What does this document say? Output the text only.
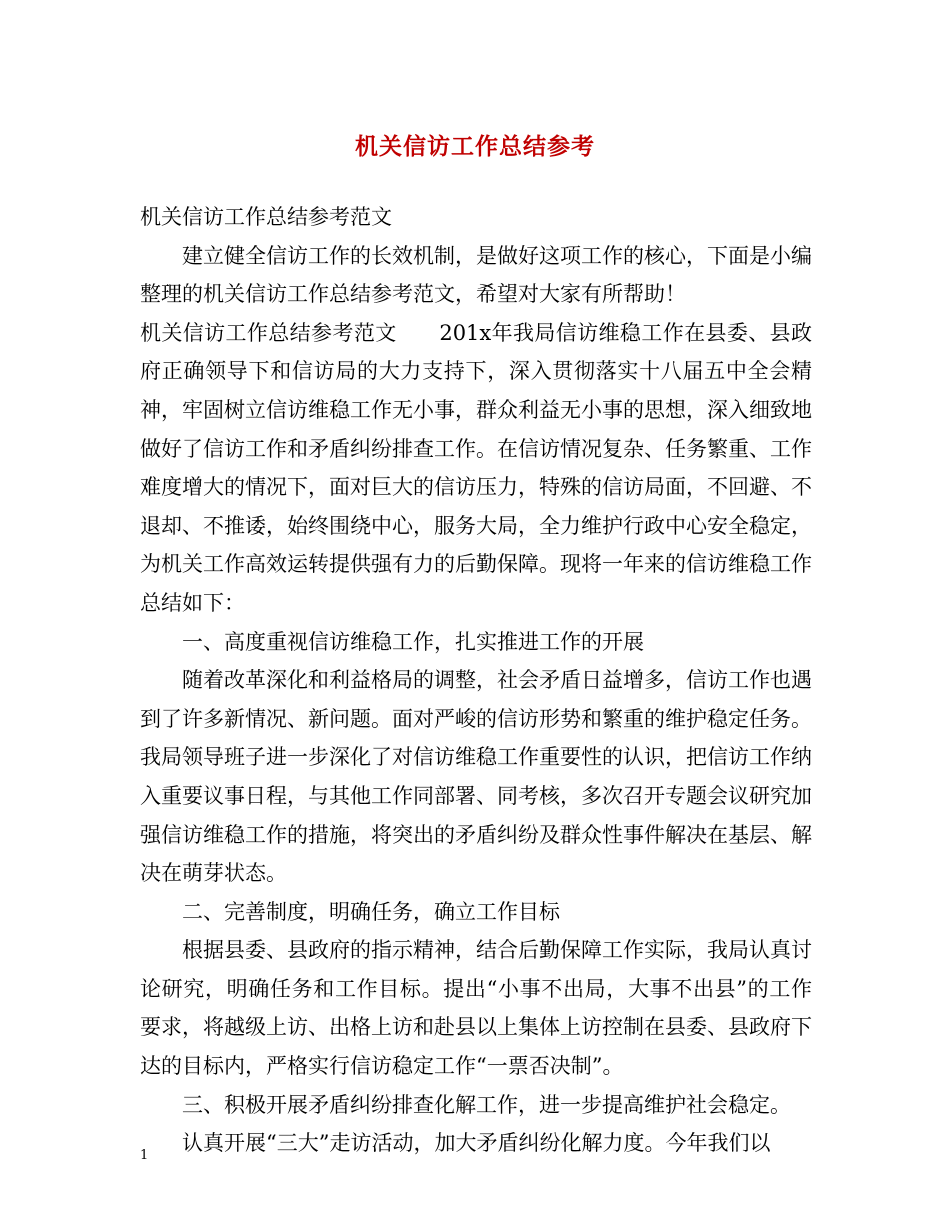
机关信访工作总结参考

机关信访工作总结参考范文

建立健全信访工作的长效机制，是做好这项工作的核心，下面是小编整理的机关信访工作总结参考范文，希望对大家有所帮助！

机关信访工作总结参考范文　　201x年我局信访维稳工作在县委、县政府正确领导下和信访局的大力支持下，深入贯彻落实十八届五中全会精神，牢固树立信访维稳工作无小事，群众利益无小事的思想，深入细致地做好了信访工作和矛盾纠纷排查工作。在信访情况复杂、任务繁重、工作难度增大的情况下，面对巨大的信访压力，特殊的信访局面，不回避、不退却、不推诿，始终围绕中心，服务大局，全力维护行政中心安全稳定，为机关工作高效运转提供强有力的后勤保障。现将一年来的信访维稳工作总结如下：

一、高度重视信访维稳工作，扎实推进工作的开展

随着改革深化和利益格局的调整，社会矛盾日益增多，信访工作也遇到了许多新情况、新问题。面对严峻的信访形势和繁重的维护稳定任务。我局领导班子进一步深化了对信访维稳工作重要性的认识，把信访工作纳入重要议事日程，与其他工作同部署、同考核，多次召开专题会议研究加强信访维稳工作的措施，将突出的矛盾纠纷及群众性事件解决在基层、解决在萌芽状态。

二、完善制度，明确任务，确立工作目标

根据县委、县政府的指示精神，结合后勤保障工作实际，我局认真讨论研究，明确任务和工作目标。提出“小事不出局，大事不出县”的工作要求，将越级上访、出格上访和赴县以上集体上访控制在县委、县政府下达的目标内，严格实行信访稳定工作“一票否决制”。

三、积极开展矛盾纠纷排查化解工作，进一步提高维护社会稳定。

认真开展“三大”走访活动，加大矛盾纠纷化解力度。今年我们以

1
